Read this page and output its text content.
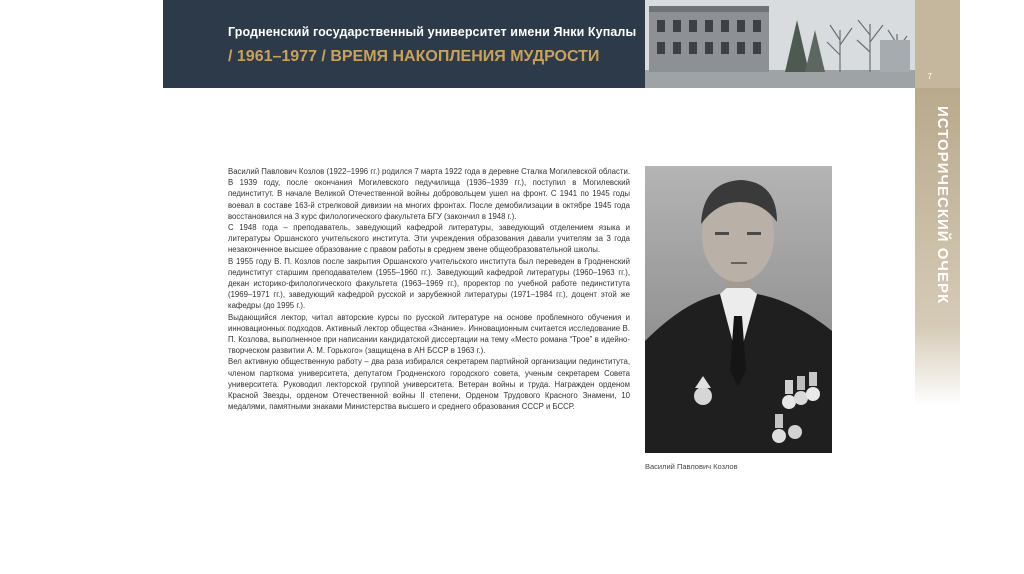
Гродненский государственный университет имени Янки Купалы
/ 1961–1977 / ВРЕМЯ НАКОПЛЕНИЯ МУДРОСТИ
7
ИСТОРИЧЕСКИЙ ОЧЕРК

Василий Павлович Козлов (1922–1996 гг.) родился 7 марта 1922 года в деревне Сталка Могилевской области. В 1939 году, после окончания Могилевского педучилища (1936–1939 гг.), поступил в Могилевский пединститут. В начале Великой Отечественной войны добровольцем ушел на фронт. С 1941 по 1945 годы воевал в составе 163-й стрелковой дивизии на многих фронтах. После демобилизации в октябре 1945 года восстановился на 3 курс филологического факультета БГУ (закончил в 1948 г.).

С 1948 года – преподаватель, заведующий кафедрой литературы, заведующий отделением языка и литературы Оршанского учительского института. Эти учреждения образования давали учителям за 3 года незаконченное высшее образование с правом работы в среднем звене общеобразовательной школы.

В 1955 году В. П. Козлов после закрытия Оршанского учительского института был переведен в Гродненский пединститут старшим преподавателем (1955–1960 гг.). Заведующий кафедрой литературы (1960–1963 гг.), декан историко-филологического факультета (1963–1969 гг.), проректор по учебной работе пединститута (1969–1971 гг.), заведующий кафедрой русской и зарубежной литературы (1971–1984 гг.), доцент этой же кафедры (до 1995 г.).

Выдающийся лектор, читал авторские курсы по русской литературе на основе проблемного обучения и инновационных подходов. Активный лектор общества «Знание». Инновационным считается исследование В. П. Козлова, выполненное при написании кандидатской диссертации на тему «Место романа “Трое” в идейно-творческом развитии А. М. Горького» (защищена в АН БССР в 1963 г.).

Вел активную общественную работу – два раза избирался секретарем партийной организации пединститута, членом парткома университета, депутатом Гродненского городского совета, ученым секретарем Совета университета. Руководил лекторской группой университета. Ветеран войны и труда. Награжден орденом Красной Звезды, орденом Отечественной войны II степени, Орденом Трудового Красного Знамени, 10 медалями, памятными знаками Министерства высшего и среднего образования СССР и БССР.

Василий Павлович Козлов
